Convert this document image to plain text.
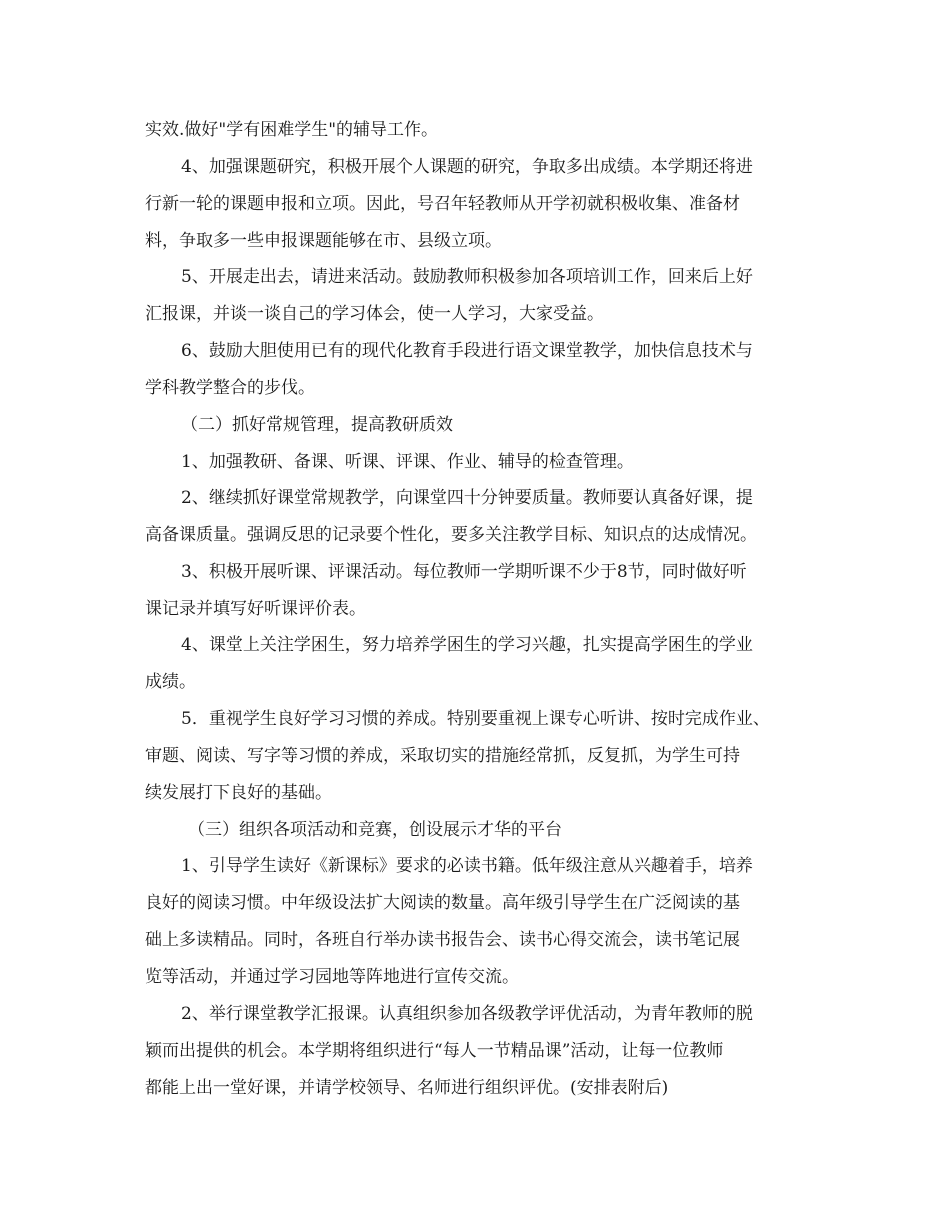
实效.做好"学有困难学生"的辅导工作。

4、加强课题研究，积极开展个人课题的研究，争取多出成绩。本学期还将进

行新一轮的课题申报和立项。因此，号召年轻教师从开学初就积极收集、准备材

料，争取多一些申报课题能够在市、县级立项。

5、开展走出去，请进来活动。鼓励教师积极参加各项培训工作，回来后上好

汇报课，并谈一谈自己的学习体会，使一人学习，大家受益。

6、鼓励大胆使用已有的现代化教育手段进行语文课堂教学，加快信息技术与

学科教学整合的步伐。

（二）抓好常规管理，提高教研质效

1、加强教研、备课、听课、评课、作业、辅导的检查管理。

2、继续抓好课堂常规教学，向课堂四十分钟要质量。教师要认真备好课，提

高备课质量。强调反思的记录要个性化，要多关注教学目标、知识点的达成情况。

3、积极开展听课、评课活动。每位教师一学期听课不少于8节，同时做好听

课记录并填写好听课评价表。

4、课堂上关注学困生，努力培养学困生的学习兴趣，扎实提高学困生的学业

成绩。

5．重视学生良好学习习惯的养成。特别要重视上课专心听讲、按时完成作业、

审题、阅读、写字等习惯的养成，采取切实的措施经常抓，反复抓，为学生可持

续发展打下良好的基础。

（三）组织各项活动和竞赛，创设展示才华的平台

1、引导学生读好《新课标》要求的必读书籍。低年级注意从兴趣着手，培养

良好的阅读习惯。中年级设法扩大阅读的数量。高年级引导学生在广泛阅读的基

础上多读精品。同时，各班自行举办读书报告会、读书心得交流会，读书笔记展

览等活动，并通过学习园地等阵地进行宣传交流。

2、举行课堂教学汇报课。认真组织参加各级教学评优活动，为青年教师的脱

颖而出提供的机会。本学期将组织进行“每人一节精品课”活动，让每一位教师

都能上出一堂好课，并请学校领导、名师进行组织评优。(安排表附后)
